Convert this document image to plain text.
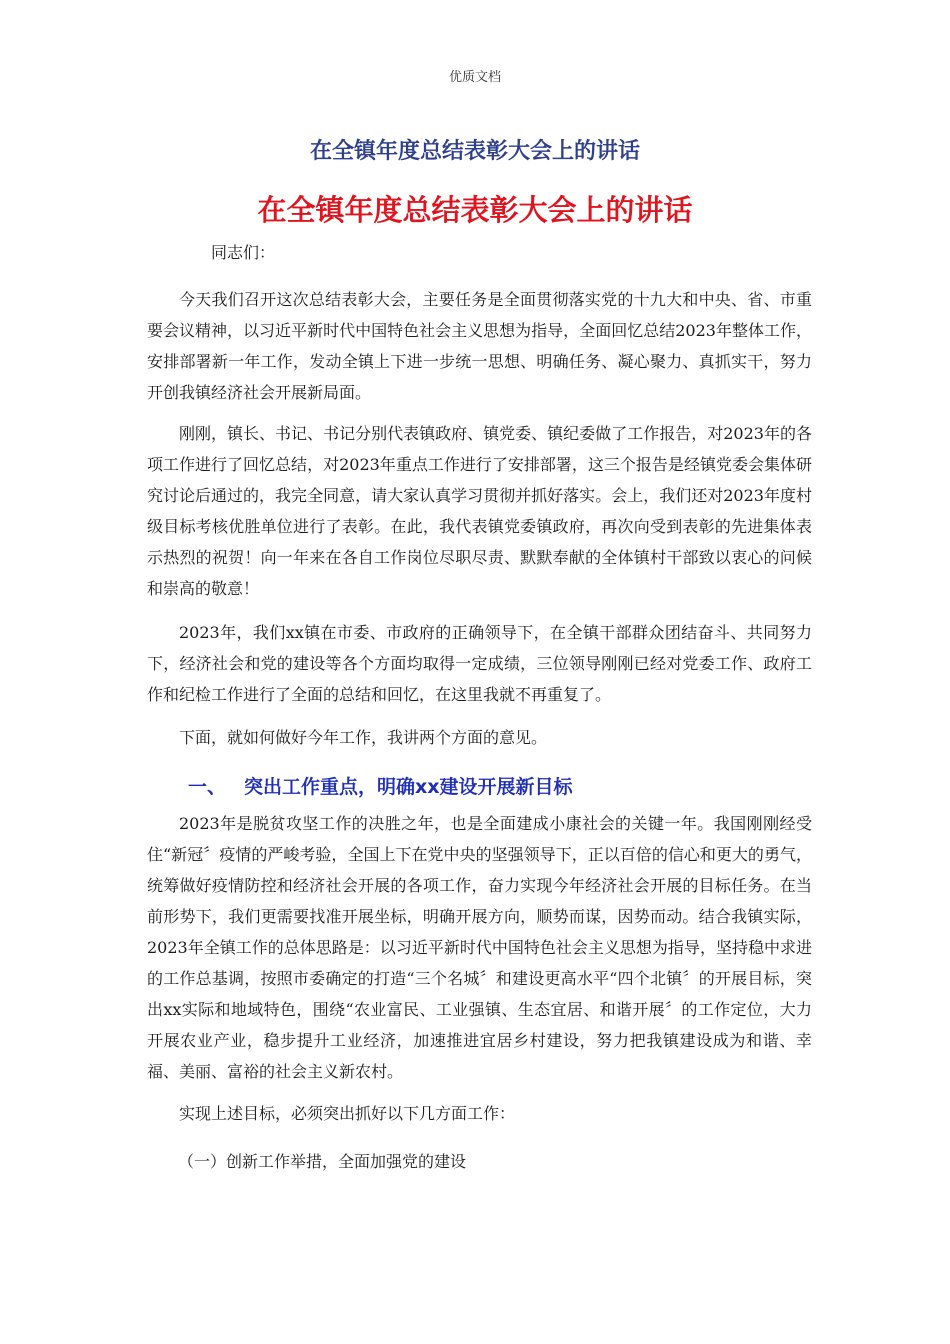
优质文档
在全镇年度总结表彰大会上的讲话
在全镇年度总结表彰大会上的讲话
同志们：

今天我们召开这次总结表彰大会，主要任务是全面贯彻落实党的十九大和中央、省、市重要会议精神，以习近平新时代中国特色社会主义思想为指导，全面回忆总结2023年整体工作，安排部署新一年工作，发动全镇上下进一步统一思想、明确任务、凝心聚力、真抓实干，努力开创我镇经济社会开展新局面。

刚刚，镇长、书记、书记分别代表镇政府、镇党委、镇纪委做了工作报告，对2023年的各项工作进行了回忆总结，对2023年重点工作进行了安排部署，这三个报告是经镇党委会集体研究讨论后通过的，我完全同意，请大家认真学习贯彻并抓好落实。会上，我们还对2023年度村级目标考核优胜单位进行了表彰。在此，我代表镇党委镇政府，再次向受到表彰的先进集体表示热烈的祝贺！向一年来在各自工作岗位尽职尽责、默默奉献的全体镇村干部致以衷心的问候和崇高的敬意！

2023年，我们xx镇在市委、市政府的正确领导下，在全镇干部群众团结奋斗、共同努力下，经济社会和党的建设等各个方面均取得一定成绩，三位领导刚刚已经对党委工作、政府工作和纪检工作进行了全面的总结和回忆，在这里我就不再重复了。

下面，就如何做好今年工作，我讲两个方面的意见。

一、 突出工作重点，明确xx建设开展新目标

2023年是脱贫攻坚工作的决胜之年，也是全面建成小康社会的关键一年。我国刚刚经受住“新冠〞疫情的严峻考验，全国上下在党中央的坚强领导下，正以百倍的信心和更大的勇气，统筹做好疫情防控和经济社会开展的各项工作，奋力实现今年经济社会开展的目标任务。在当前形势下，我们更需要找准开展坐标，明确开展方向，顺势而谋，因势而动。结合我镇实际，2023年全镇工作的总体思路是：以习近平新时代中国特色社会主义思想为指导，坚持稳中求进的工作总基调，按照市委确定的打造“三个名城〞和建设更高水平“四个北镇〞的开展目标，突出xx实际和地域特色，围绕“农业富民、工业强镇、生态宜居、和谐开展〞的工作定位，大力开展农业产业，稳步提升工业经济，加速推进宜居乡村建设，努力把我镇建设成为和谐、幸福、美丽、富裕的社会主义新农村。

实现上述目标，必须突出抓好以下几方面工作：

（一）创新工作举措，全面加强党的建设
